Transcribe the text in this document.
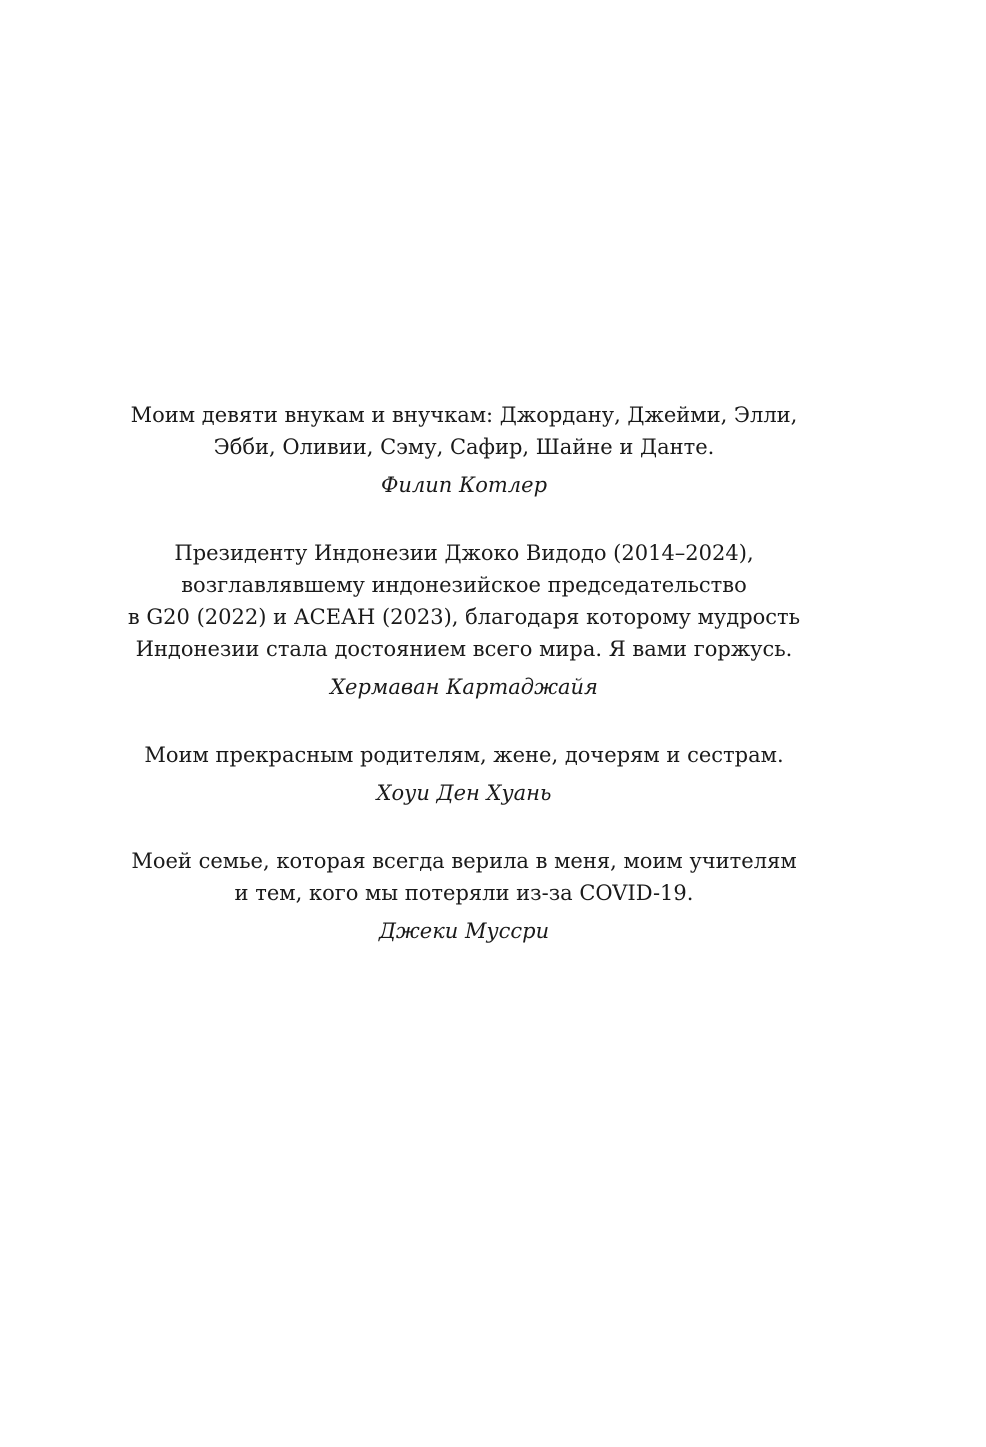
Моим девяти внукам и внучкам: Джордану, Джейми, Элли,
Эбби, Оливии, Сэму, Сафир, Шайне и Данте.

Филип Котлер

Президенту Индонезии Джоко Видодо (2014–2024),
возглавлявшему индонезийское председательство
в G20 (2022) и АСЕАН (2023), благодаря которому мудрость
Индонезии стала достоянием всего мира. Я вами горжусь.

Хермаван Картаджайя

Моим прекрасным родителям, жене, дочерям и сестрам.

Хоуи Ден Хуань

Моей семье, которая всегда верила в меня, моим учителям
и тем, кого мы потеряли из-за COVID-19.

Джеки Муссри
